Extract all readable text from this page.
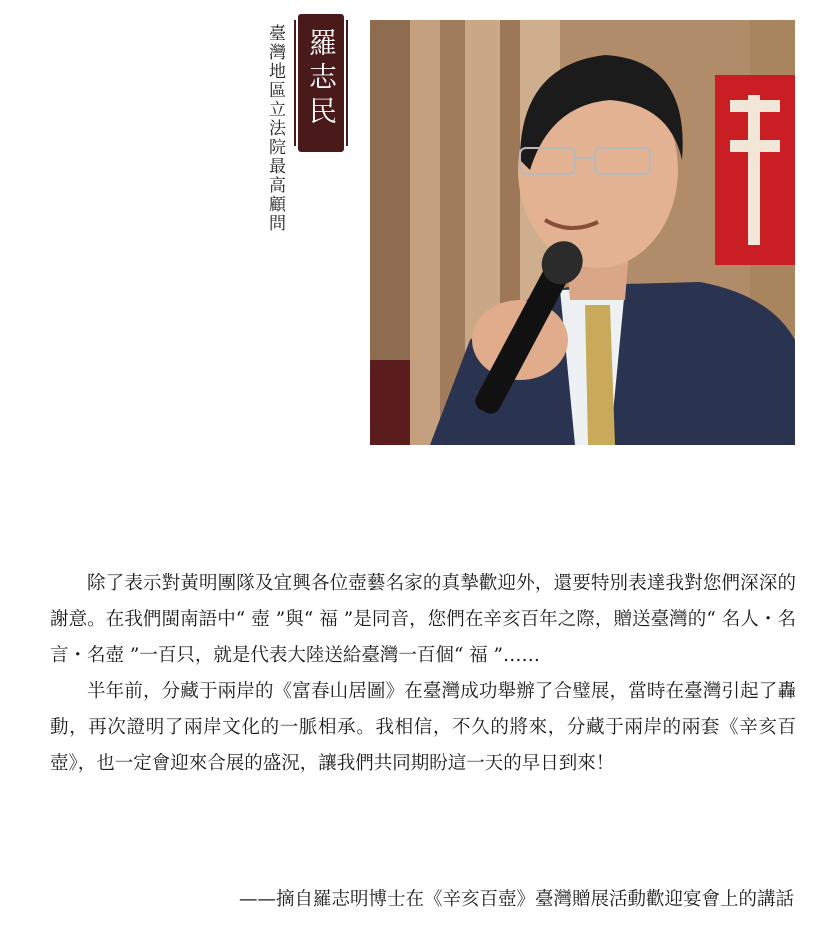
臺灣地區立法院最高顧問 羅志民

除了表示對黃明團隊及宜興各位壺藝名家的真摯歡迎外，還要特別表達我對您們深深的謝意。在我們閩南語中“ 壺 ”與“ 福 ”是同音，您們在辛亥百年之際，贈送臺灣的“ 名人・名言・名壺 ”一百只，就是代表大陸送給臺灣一百個“ 福 ”……

半年前，分藏于兩岸的《富春山居圖》在臺灣成功舉辦了合璧展，當時在臺灣引起了轟動，再次證明了兩岸文化的一脈相承。我相信，不久的將來，分藏于兩岸的兩套《辛亥百壺》，也一定會迎來合展的盛況，讓我們共同期盼這一天的早日到來！

——摘自羅志明博士在《辛亥百壺》臺灣贈展活動歡迎宴會上的講話
